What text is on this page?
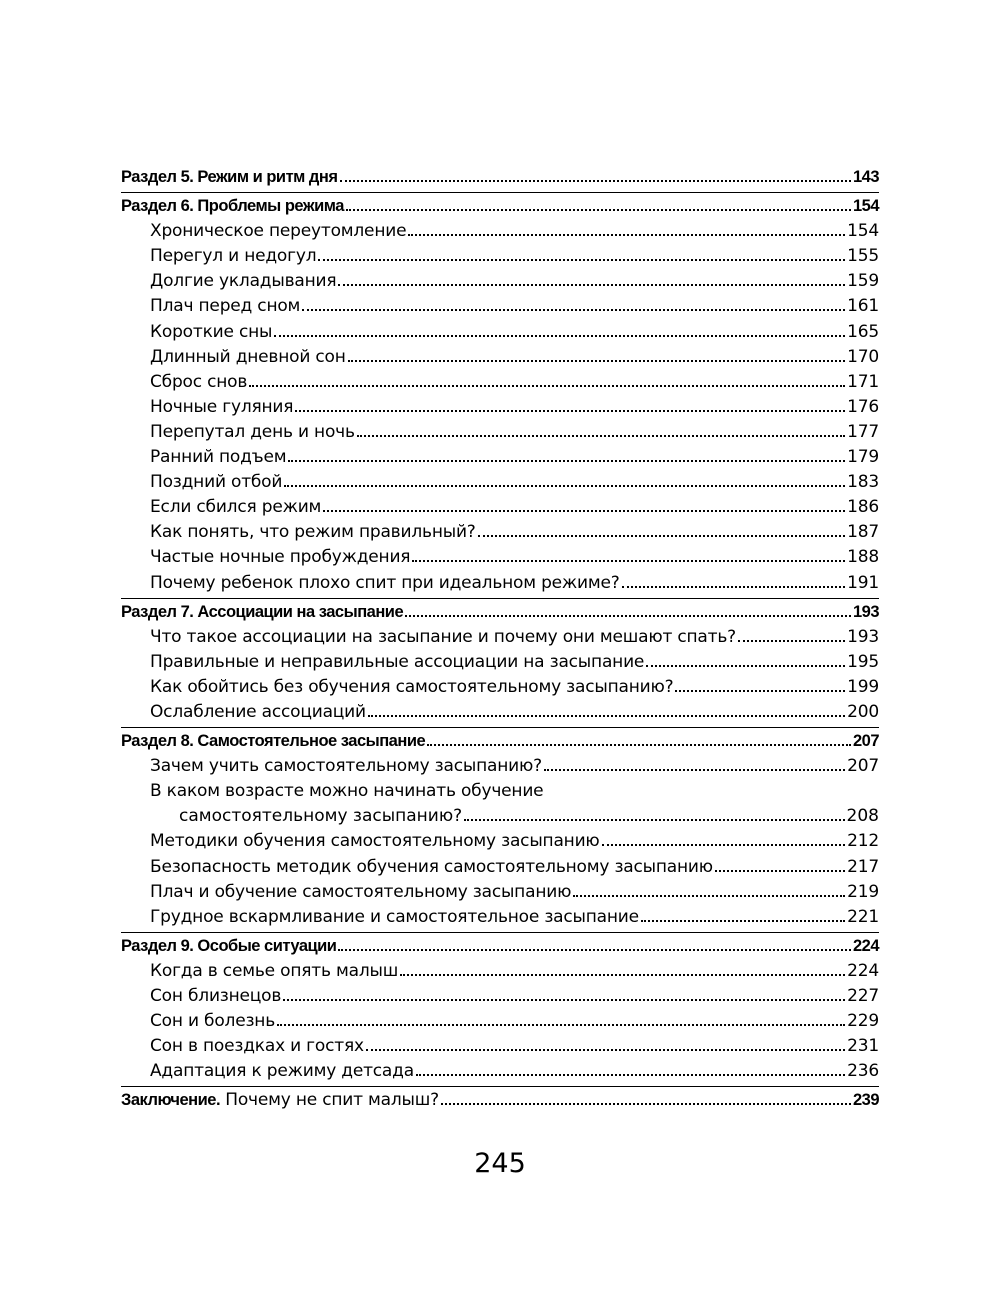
Раздел 5. Режим и ритм дня	143
Раздел 6. Проблемы режима	154
Хроническое переутомление	154
Перегул и недогул	155
Долгие укладывания	159
Плач перед сном	161
Короткие сны	165
Длинный дневной сон	170
Сброс снов	171
Ночные гуляния	176
Перепутал день и ночь	177
Ранний подъем	179
Поздний отбой	183
Если сбился режим	186
Как понять, что режим правильный?	187
Частые ночные пробуждения	188
Почему ребенок плохо спит при идеальном режиме?	191
Раздел 7. Ассоциации на засыпание	193
Что такое ассоциации на засыпание и почему они мешают спать?	193
Правильные и неправильные ассоциации на засыпание	195
Как обойтись без обучения самостоятельному засыпанию?	199
Ослабление ассоциаций	200
Раздел 8. Самостоятельное засыпание	207
Зачем учить самостоятельному засыпанию?	207
В каком возрасте можно начинать обучение
самостоятельному засыпанию?	208
Методики обучения самостоятельному засыпанию	212
Безопасность методик обучения самостоятельному засыпанию	217
Плач и обучение самостоятельному засыпанию	219
Грудное вскармливание и самостоятельное засыпание	221
Раздел 9. Особые ситуации	224
Когда в семье опять малыш	224
Сон близнецов	227
Сон и болезнь	229
Сон в поездках и гостях	231
Адаптация к режиму детсада	236
Заключение. Почему не спит малыш?	239
245
